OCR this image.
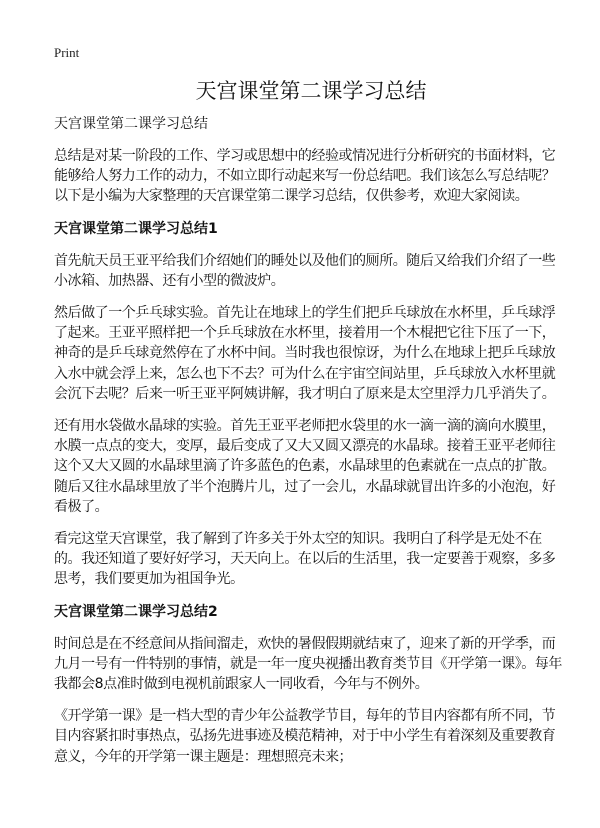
Print
天宫课堂第二课学习总结
天宫课堂第二课学习总结

总结是对某一阶段的工作、学习或思想中的经验或情况进行分析研究的书面材料，它能够给人努力工作的动力，不如立即行动起来写一份总结吧。我们该怎么写总结呢？以下是小编为大家整理的天宫课堂第二课学习总结，仅供参考，欢迎大家阅读。

天宫课堂第二课学习总结1

首先航天员王亚平给我们介绍她们的睡处以及他们的厕所。随后又给我们介绍了一些小冰箱、加热器、还有小型的微波炉。

然后做了一个乒乓球实验。首先让在地球上的学生们把乒乓球放在水杯里，乒乓球浮了起来。王亚平照样把一个乒乓球放在水杯里，接着用一个木棍把它往下压了一下，神奇的是乒乓球竟然停在了水杯中间。当时我也很惊讶，为什么在地球上把乒乓球放入水中就会浮上来，怎么也下不去？可为什么在宇宙空间站里，乒乓球放入水杯里就会沉下去呢？后来一听王亚平阿姨讲解，我才明白了原来是太空里浮力几乎消失了。

还有用水袋做水晶球的实验。首先王亚平老师把水袋里的水一滴一滴的滴向水膜里，水膜一点点的变大，变厚，最后变成了又大又圆又漂亮的水晶球。接着王亚平老师往这个又大又圆的水晶球里滴了许多蓝色的色素，水晶球里的色素就在一点点的扩散。随后又往水晶球里放了半个泡腾片儿，过了一会儿，水晶球就冒出许多的小泡泡，好看极了。

看完这堂天宫课堂，我了解到了许多关于外太空的知识。我明白了科学是无处不在的。我还知道了要好好学习，天天向上。在以后的生活里，我一定要善于观察，多多思考，我们要更加为祖国争光。

天宫课堂第二课学习总结2

时间总是在不经意间从指间溜走，欢快的暑假假期就结束了，迎来了新的开学季，而九月一号有一件特别的事情，就是一年一度央视播出教育类节目《开学第一课》。每年我都会8点准时做到电视机前跟家人一同收看，今年与不例外。

《开学第一课》是一档大型的青少年公益教学节目，每年的节目内容都有所不同，节目内容紧扣时事热点，弘扬先进事迹及模范精神，对于中小学生有着深刻及重要教育意义，今年的开学第一课主题是：理想照亮未来；
